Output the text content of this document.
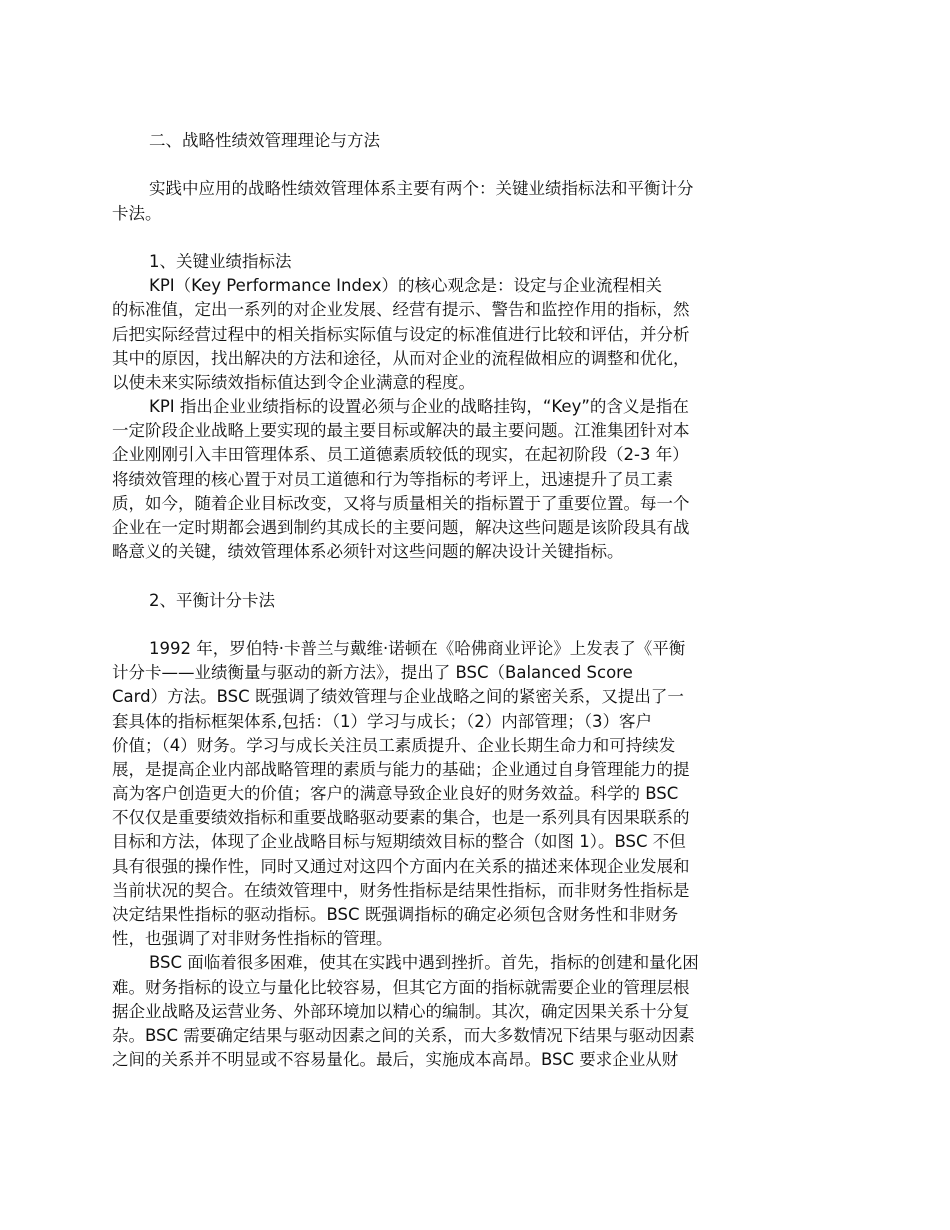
二、战略性绩效管理理论与方法
实践中应用的战略性绩效管理体系主要有两个：关键业绩指标法和平衡计分
卡法。
1、关键业绩指标法
KPI（Key Performance Index）的核心观念是：设定与企业流程相关
的标准值，定出一系列的对企业发展、经营有提示、警告和监控作用的指标，然
后把实际经营过程中的相关指标实际值与设定的标准值进行比较和评估，并分析
其中的原因，找出解决的方法和途径，从而对企业的流程做相应的调整和优化，
以使未来实际绩效指标值达到令企业满意的程度。
KPI 指出企业业绩指标的设置必须与企业的战略挂钩，“Key”的含义是指在
一定阶段企业战略上要实现的最主要目标或解决的最主要问题。江淮集团针对本
企业刚刚引入丰田管理体系、员工道德素质较低的现实，在起初阶段（2-3 年）
将绩效管理的核心置于对员工道德和行为等指标的考评上，迅速提升了员工素
质，如今，随着企业目标改变，又将与质量相关的指标置于了重要位置。每一个
企业在一定时期都会遇到制约其成长的主要问题，解决这些问题是该阶段具有战
略意义的关键，绩效管理体系必须针对这些问题的解决设计关键指标。
2、平衡计分卡法
1992 年，罗伯特·卡普兰与戴维·诺顿在《哈佛商业评论》上发表了《平衡
计分卡——业绩衡量与驱动的新方法》，提出了 BSC（Balanced Score
Card）方法。BSC 既强调了绩效管理与企业战略之间的紧密关系，又提出了一
套具体的指标框架体系,包括：（1）学习与成长；（2）内部管理；（3）客户
价值；（4）财务。学习与成长关注员工素质提升、企业长期生命力和可持续发
展，是提高企业内部战略管理的素质与能力的基础；企业通过自身管理能力的提
高为客户创造更大的价值；客户的满意导致企业良好的财务效益。科学的 BSC
不仅仅是重要绩效指标和重要战略驱动要素的集合，也是一系列具有因果联系的
目标和方法，体现了企业战略目标与短期绩效目标的整合（如图 1）。BSC 不但
具有很强的操作性，同时又通过对这四个方面内在关系的描述来体现企业发展和
当前状况的契合。在绩效管理中，财务性指标是结果性指标，而非财务性指标是
决定结果性指标的驱动指标。BSC 既强调指标的确定必须包含财务性和非财务
性，也强调了对非财务性指标的管理。
BSC 面临着很多困难，使其在实践中遇到挫折。首先，指标的创建和量化困
难。财务指标的设立与量化比较容易，但其它方面的指标就需要企业的管理层根
据企业战略及运营业务、外部环境加以精心的编制。其次，确定因果关系十分复
杂。BSC 需要确定结果与驱动因素之间的关系，而大多数情况下结果与驱动因素
之间的关系并不明显或不容易量化。最后，实施成本高昂。BSC 要求企业从财
